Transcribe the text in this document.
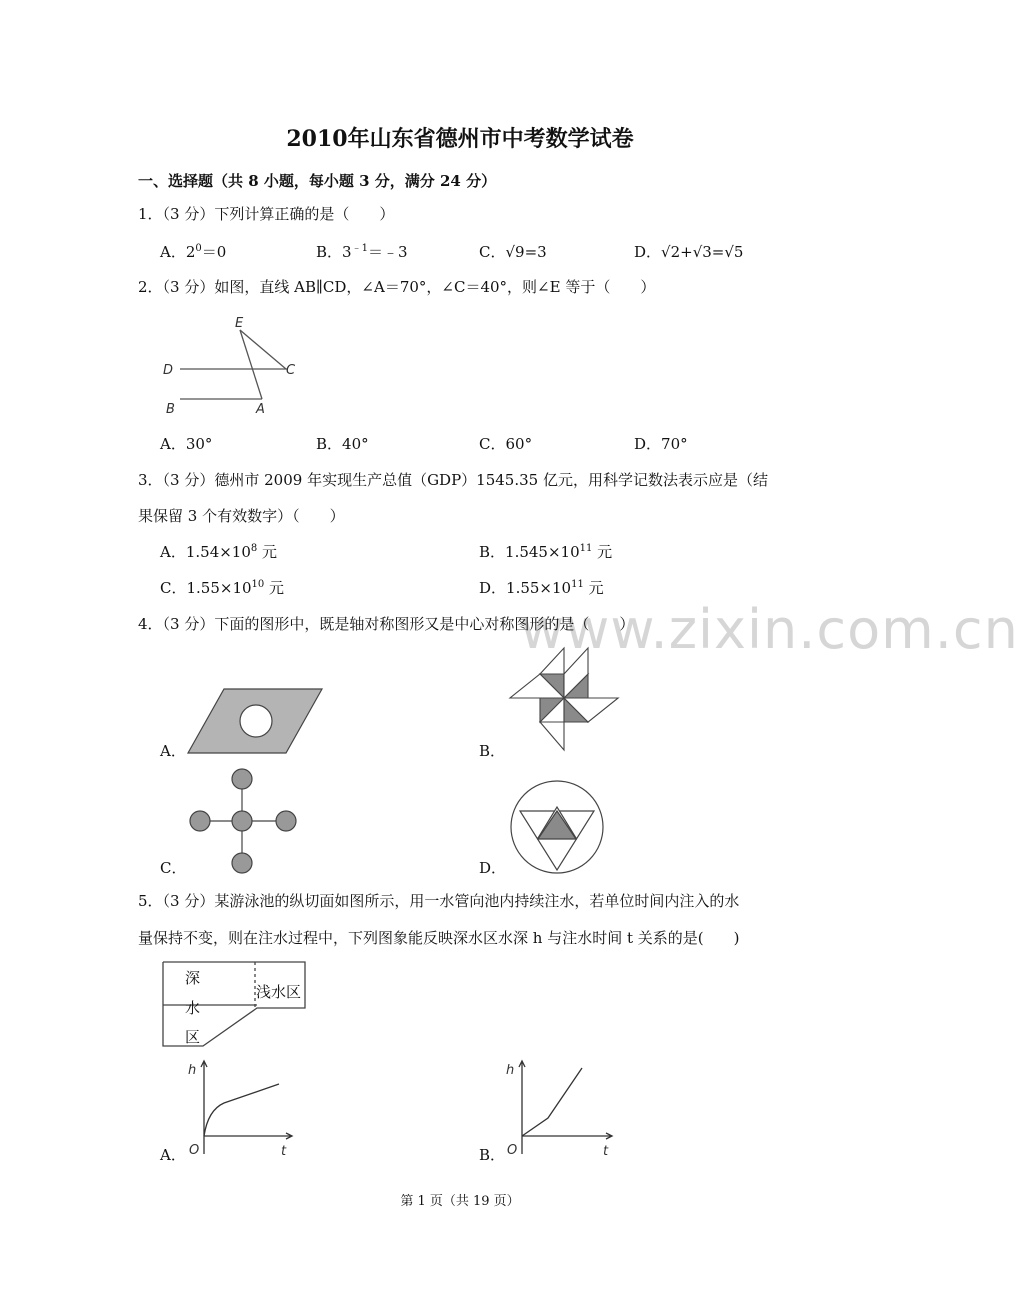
www.zixin.com.cn
2010年山东省德州市中考数学试卷
一、选择题（共 8 小题，每小题 3 分，满分 24 分）
1．（3 分）下列计算正确的是（　　）
A．$2^0=0$	B．$3^{﹣1}=﹣3$	C．√9=3	D．√2+√3=√5
2．（3 分）如图，直线 AB∥CD，∠A＝70°，∠C＝40°，则∠E 等于（　　）
E
D	C
B	A
A．30°	B．40°	C．60°	D．70°
3．（3 分）德州市 2009 年实现生产总值（GDP）1545.35 亿元，用科学记数法表示应是（结
果保留 3 个有效数字）（　　）
A．$1.54\times 10^8$ 元	B．$1.545\times 10^{11}$ 元
C．$1.55\times 10^{10}$ 元	D．$1.55\times 10^{11}$ 元
4．（3 分）下面的图形中，既是轴对称图形又是中心对称图形的是（　　）
A．	B．
C．	D．
5．（3 分）某游泳池的纵切面如图所示，用一水管向池内持续注水，若单位时间内注入的水
量保持不变，则在注水过程中，下列图象能反映深水区水深 h 与注水时间 t 关系的是(　　)
深
水
区
浅水区
A．
h
O	t	B．
h
O	t
第 1 页（共 19 页）
